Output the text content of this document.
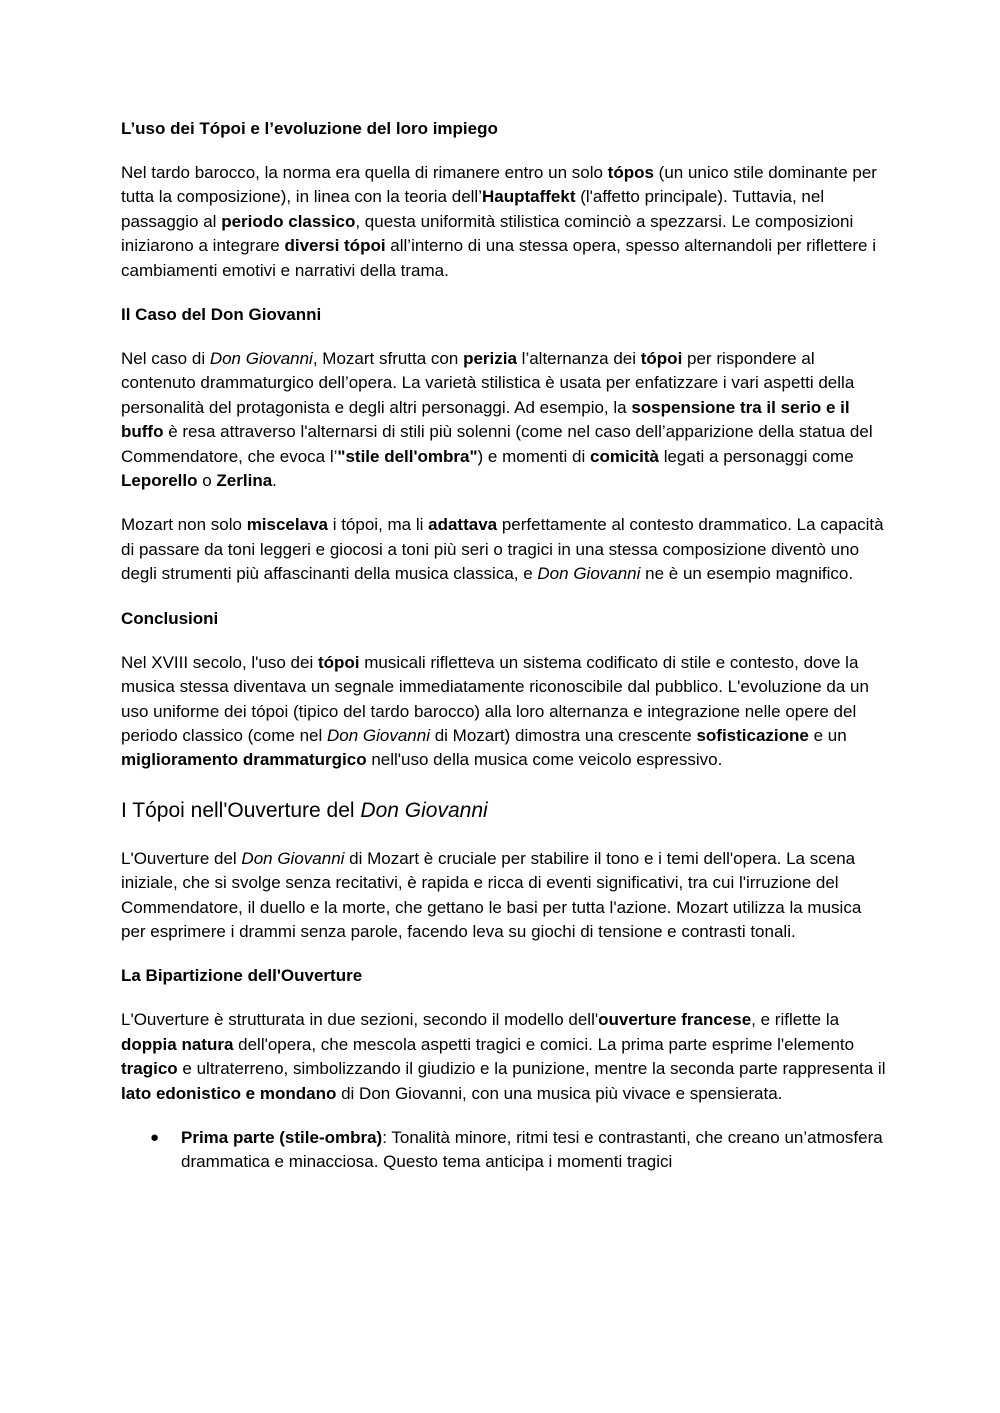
L’uso dei Tópoi e l’evoluzione del loro impiego

Nel tardo barocco, la norma era quella di rimanere entro un solo tópos (un unico stile dominante per tutta la composizione), in linea con la teoria dell’Hauptaffekt (l'affetto principale). Tuttavia, nel passaggio al periodo classico, questa uniformità stilistica cominciò a spezzarsi. Le composizioni iniziarono a integrare diversi tópoi all’interno di una stessa opera, spesso alternandoli per riflettere i cambiamenti emotivi e narrativi della trama.

Il Caso del Don Giovanni

Nel caso di Don Giovanni, Mozart sfrutta con perizia l’alternanza dei tópoi per rispondere al contenuto drammaturgico dell’opera. La varietà stilistica è usata per enfatizzare i vari aspetti della personalità del protagonista e degli altri personaggi. Ad esempio, la sospensione tra il serio e il buffo è resa attraverso l'alternarsi di stili più solenni (come nel caso dell’apparizione della statua del Commendatore, che evoca l’"stile dell'ombra") e momenti di comicità legati a personaggi come Leporello o Zerlina.

Mozart non solo miscelava i tópoi, ma li adattava perfettamente al contesto drammatico. La capacità di passare da toni leggeri e giocosi a toni più seri o tragici in una stessa composizione diventò uno degli strumenti più affascinanti della musica classica, e Don Giovanni ne è un esempio magnifico.

Conclusioni

Nel XVIII secolo, l'uso dei tópoi musicali rifletteva un sistema codificato di stile e contesto, dove la musica stessa diventava un segnale immediatamente riconoscibile dal pubblico. L'evoluzione da un uso uniforme dei tópoi (tipico del tardo barocco) alla loro alternanza e integrazione nelle opere del periodo classico (come nel Don Giovanni di Mozart) dimostra una crescente sofisticazione e un miglioramento drammaturgico nell'uso della musica come veicolo espressivo.

I Tópoi nell'Ouverture del Don Giovanni

L'Ouverture del Don Giovanni di Mozart è cruciale per stabilire il tono e i temi dell'opera. La scena iniziale, che si svolge senza recitativi, è rapida e ricca di eventi significativi, tra cui l'irruzione del Commendatore, il duello e la morte, che gettano le basi per tutta l'azione. Mozart utilizza la musica per esprimere i drammi senza parole, facendo leva su giochi di tensione e contrasti tonali.

La Bipartizione dell'Ouverture

L'Ouverture è strutturata in due sezioni, secondo il modello dell'ouverture francese, e riflette la doppia natura dell'opera, che mescola aspetti tragici e comici. La prima parte esprime l'elemento tragico e ultraterreno, simbolizzando il giudizio e la punizione, mentre la seconda parte rappresenta il lato edonistico e mondano di Don Giovanni, con una musica più vivace e spensierata.

● Prima parte (stile-ombra): Tonalità minore, ritmi tesi e contrastanti, che creano un’atmosfera drammatica e minacciosa. Questo tema anticipa i momenti tragici
